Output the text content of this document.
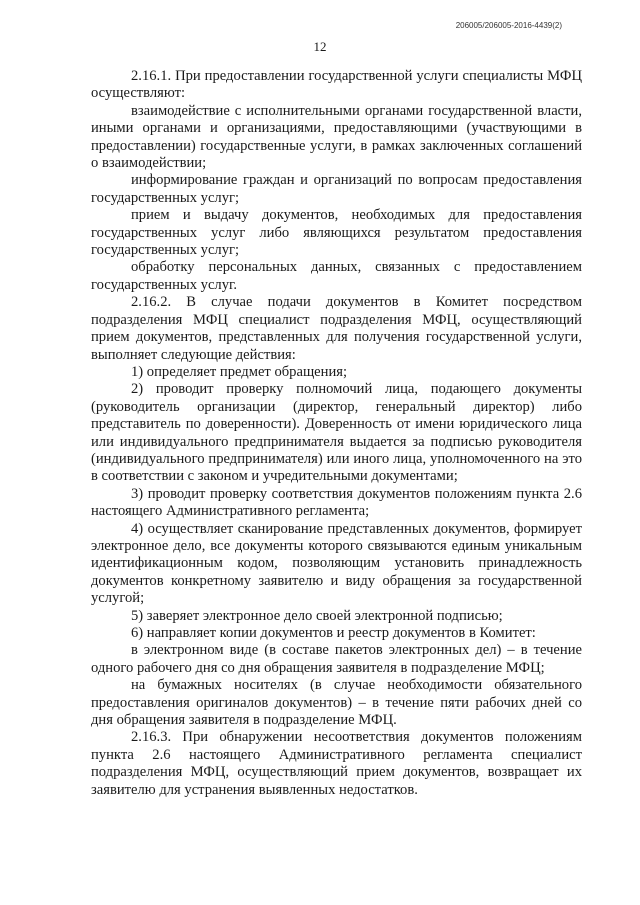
206005/206005-2016-4439(2)
12

2.16.1. При предоставлении государственной услуги специалисты МФЦ осуществляют:

взаимодействие с исполнительными органами государственной власти, иными органами и организациями, предоставляющими (участвующими в предоставлении) государственные услуги, в рамках заключенных соглашений о взаимодействии;

информирование граждан и организаций по вопросам предоставления государственных услуг;

прием и выдачу документов, необходимых для предоставления государственных услуг либо являющихся результатом предоставления государственных услуг;

обработку персональных данных, связанных с предоставлением государственных услуг.

2.16.2. В случае подачи документов в Комитет посредством подразделения МФЦ специалист подразделения МФЦ, осуществляющий прием документов, представленных для получения государственной услуги, выполняет следующие действия:

1) определяет предмет обращения;

2) проводит проверку полномочий лица, подающего документы (руководитель организации (директор, генеральный директор) либо представитель по доверенности). Доверенность от имени юридического лица или индивидуального предпринимателя выдается за подписью руководителя (индивидуального предпринимателя) или иного лица, уполномоченного на это в соответствии с законом и учредительными документами;

3) проводит проверку соответствия документов положениям пункта 2.6 настоящего Административного регламента;

4) осуществляет сканирование представленных документов, формирует электронное дело, все документы которого связываются единым уникальным идентификационным кодом, позволяющим установить принадлежность документов конкретному заявителю и виду обращения за государственной услугой;

5) заверяет электронное дело своей электронной подписью;

6) направляет копии документов и реестр документов в Комитет:

в электронном виде (в составе пакетов электронных дел) – в течение одного рабочего дня со дня обращения заявителя в подразделение МФЦ;

на бумажных носителях (в случае необходимости обязательного предоставления оригиналов документов) – в течение пяти рабочих дней со дня обращения заявителя в подразделение МФЦ.

2.16.3. При обнаружении несоответствия документов положениям пункта 2.6 настоящего Административного регламента специалист подразделения МФЦ, осуществляющий прием документов, возвращает их заявителю для устранения выявленных недостатков.
